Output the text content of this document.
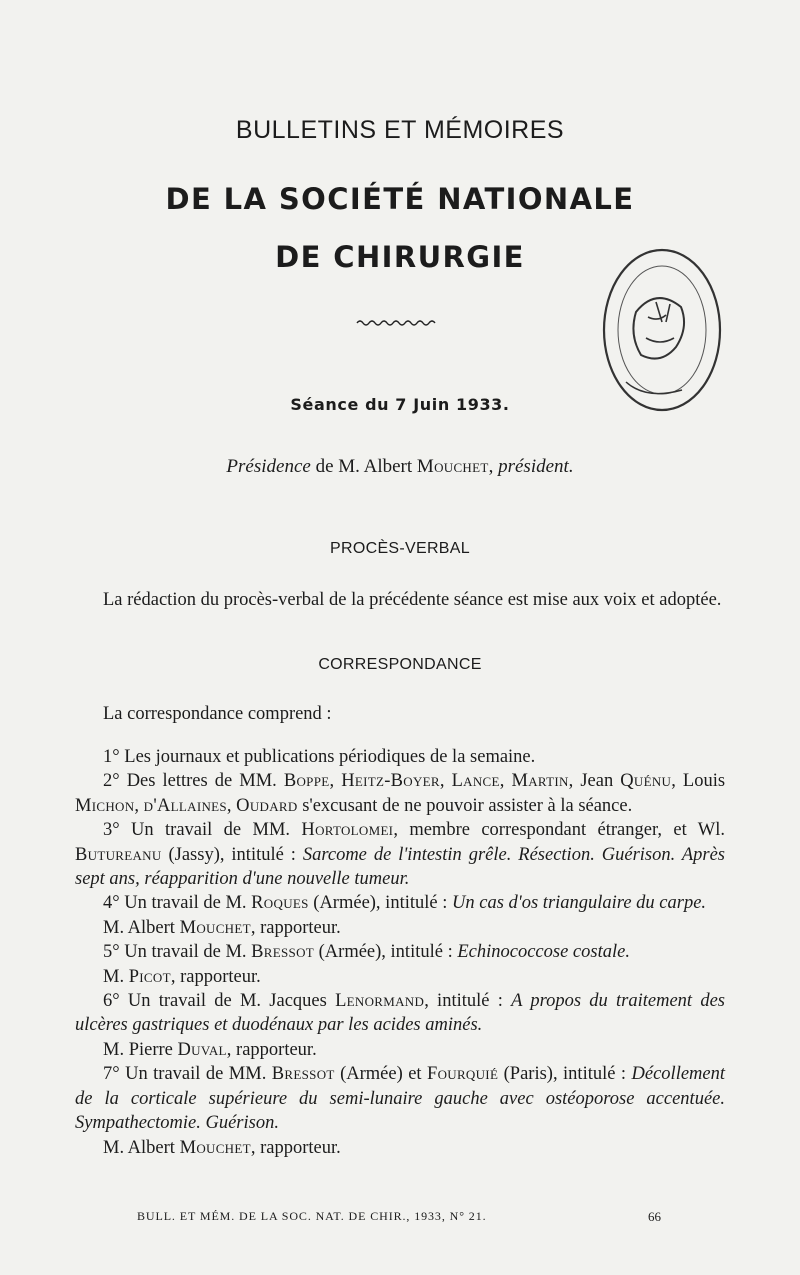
BULLETINS ET MÉMOIRES
DE LA SOCIÉTÉ NATIONALE
DE CHIRURGIE
Séance du 7 Juin 1933.
Présidence de M. Albert Mouchet, président.
PROCÈS-VERBAL

La rédaction du procès-verbal de la précédente séance est mise aux voix et adoptée.

CORRESPONDANCE

La correspondance comprend :

1° Les journaux et publications périodiques de la semaine.

2° Des lettres de MM. Boppe, Heitz-Boyer, Lance, Martin, Jean Quénu, Louis Michon, d'Allaines, Oudard s'excusant de ne pouvoir assister à la séance.

3° Un travail de MM. Hortolomei, membre correspondant étranger, et Wl. Butureanu (Jassy), intitulé : Sarcome de l'intestin grêle. Résection. Guérison. Après sept ans, réapparition d'une nouvelle tumeur.

4° Un travail de M. Roques (Armée), intitulé : Un cas d'os triangulaire du carpe.

M. Albert Mouchet, rapporteur.

5° Un travail de M. Bressot (Armée), intitulé : Echinococcose costale.

M. Picot, rapporteur.

6° Un travail de M. Jacques Lenormand, intitulé : A propos du traitement des ulcères gastriques et duodénaux par les acides aminés.

M. Pierre Duval, rapporteur.

7° Un travail de MM. Bressot (Armée) et Fourquié (Paris), intitulé : Décollement de la corticale supérieure du semi-lunaire gauche avec ostéoporose accentuée. Sympathectomie. Guérison.

M. Albert Mouchet, rapporteur.

BULL. ET MÉM. DE LA SOC. NAT. DE CHIR., 1933, N° 21.	66
